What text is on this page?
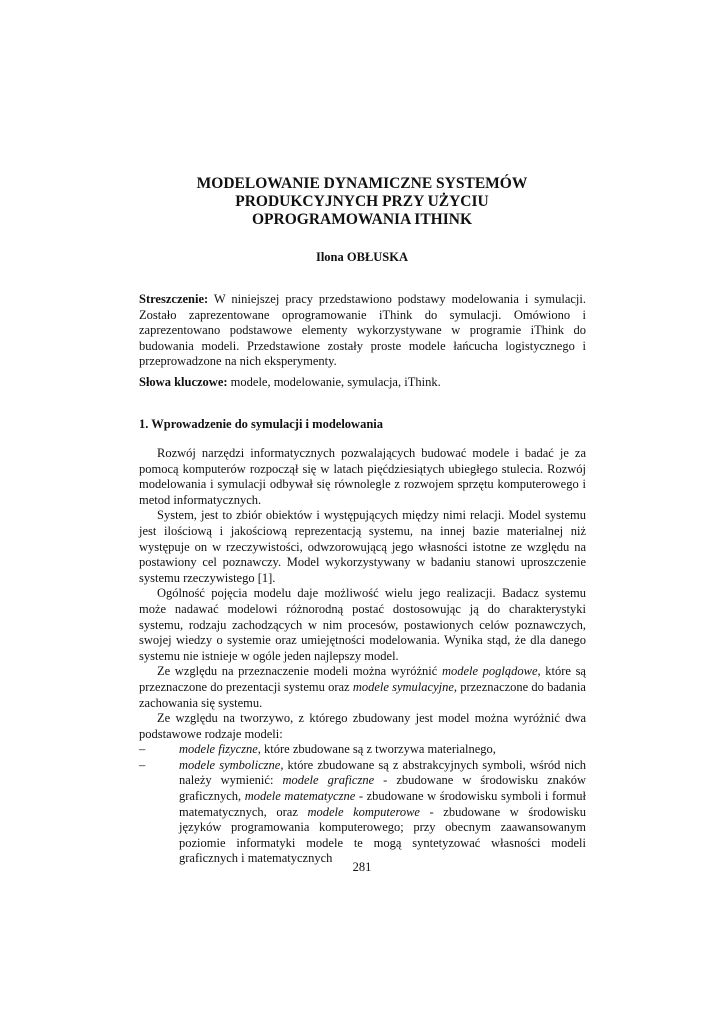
MODELOWANIE DYNAMICZNE SYSTEMÓW
PRODUKCYJNYCH PRZY UŻYCIU
OPROGRAMOWANIA ITHINK
Ilona OBŁUSKA
Streszczenie: W niniejszej pracy przedstawiono podstawy modelowania i symulacji. Zostało zaprezentowane oprogramowanie iThink do symulacji. Omówiono i zaprezentowano podstawowe elementy wykorzystywane w programie iThink do budowania modeli. Przedstawione zostały proste modele łańcucha logistycznego i przeprowadzone na nich eksperymenty.
Słowa kluczowe: modele, modelowanie, symulacja, iThink.
1. Wprowadzenie do symulacji i modelowania

Rozwój narzędzi informatycznych pozwalających budować modele i badać je za pomocą komputerów rozpoczął się w latach pięćdziesiątych ubiegłego stulecia. Rozwój modelowania i symulacji odbywał się równolegle z rozwojem sprzętu komputerowego i metod informatycznych.

System, jest to zbiór obiektów i występujących między nimi relacji. Model systemu jest ilościową i jakościową reprezentacją systemu, na innej bazie materialnej niż występuje on w rzeczywistości, odwzorowującą jego własności istotne ze względu na postawiony cel poznawczy. Model wykorzystywany w badaniu stanowi uproszczenie systemu rzeczywistego [1].

Ogólność pojęcia modelu daje możliwość wielu jego realizacji. Badacz systemu może nadawać modelowi różnorodną postać dostosowując ją do charakterystyki systemu, rodzaju zachodzących w nim procesów, postawionych celów poznawczych, swojej wiedzy o systemie oraz umiejętności modelowania. Wynika stąd, że dla danego systemu nie istnieje w ogóle jeden najlepszy model.

Ze względu na przeznaczenie modeli można wyróżnić modele poglądowe, które są przeznaczone do prezentacji systemu oraz modele symulacyjne, przeznaczone do badania zachowania się systemu.

Ze względu na tworzywo, z którego zbudowany jest model można wyróżnić dwa podstawowe rodzaje modeli:

–	modele fizyczne, które zbudowane są z tworzywa materialnego,
–	modele symboliczne, które zbudowane są z abstrakcyjnych symboli, wśród nich należy wymienić: modele graficzne - zbudowane w środowisku znaków graficznych, modele matematyczne - zbudowane w środowisku symboli i formuł matematycznych, oraz modele komputerowe - zbudowane w środowisku języków programowania komputerowego; przy obecnym zaawansowanym poziomie informatyki modele te mogą syntetyzować własności modeli graficznych i matematycznych
281
